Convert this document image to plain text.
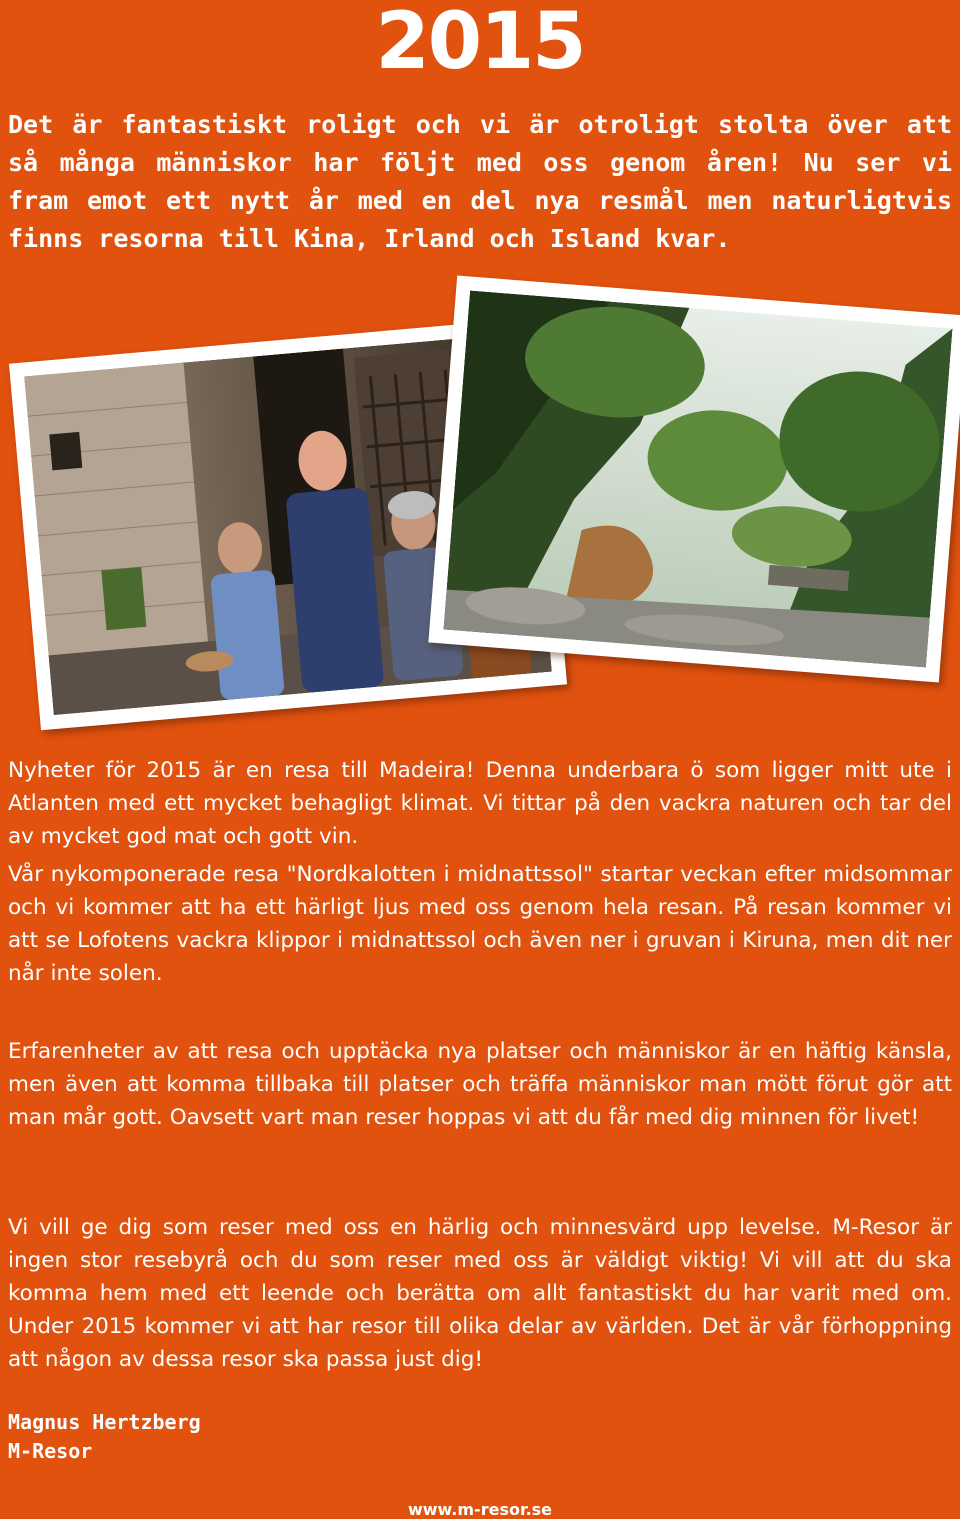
2015
Det är fantastiskt roligt och vi är otroligt stolta över att så många människor har följt med oss genom åren! Nu ser vi fram emot ett nytt år med en del nya resmål men naturligtvis finns resorna till Kina, Irland och Island kvar.
Nyheter för 2015 är en resa till Madeira! Denna underbara ö som ligger mitt ute i Atlanten med ett mycket behagligt klimat. Vi tittar på den vackra naturen och tar del av mycket god mat och gott vin.
Vår nykomponerade resa "Nordkalotten i midnattssol" startar veckan efter midsommar och vi kommer att ha ett härligt ljus med oss genom hela resan. På resan kommer vi att se Lofotens vackra klippor i midnattssol och även ner i gruvan i Kiruna, men dit ner når inte solen.
Erfarenheter av att resa och upptäcka nya platser och människor är en häftig känsla, men även att komma tillbaka till platser och träffa människor man mött förut gör att man mår gott. Oavsett vart man reser hoppas vi att du får med dig minnen för livet!
Vi vill ge dig som reser med oss en härlig och minnesvärd upp levelse. M-Resor är ingen stor resebyrå och du som reser med oss är väldigt viktig! Vi vill att du ska komma hem med ett leende och berätta om allt fantastiskt du har varit med om. Under 2015 kommer vi att har resor till olika delar av världen. Det är vår förhoppning att någon av dessa resor ska passa just dig!
Magnus Hertzberg
M-Resor
www.m-resor.se
